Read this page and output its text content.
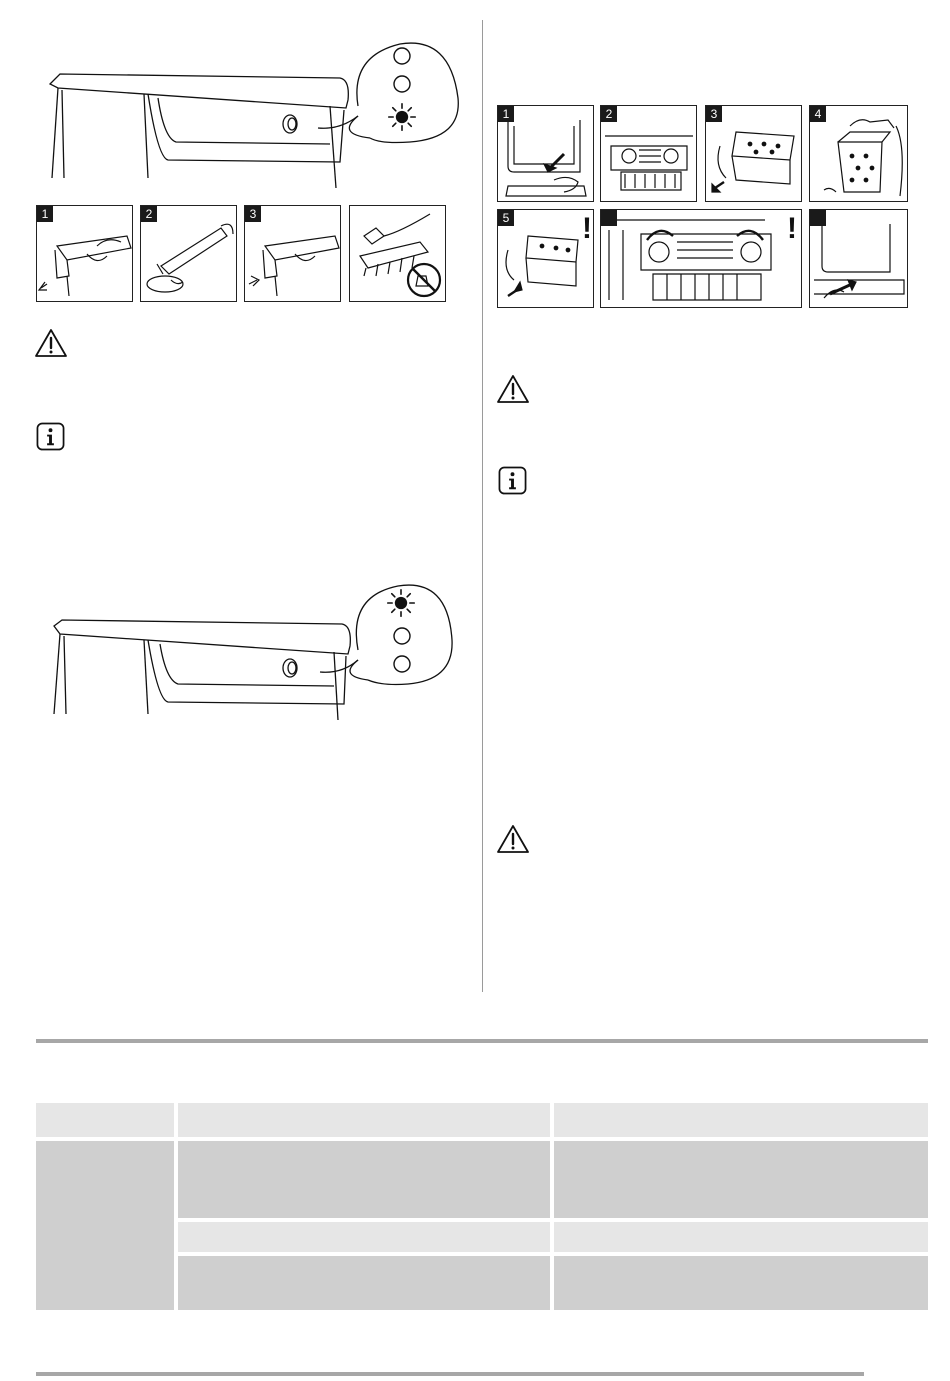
1	2	3
1	2	3	4
5 !	!
